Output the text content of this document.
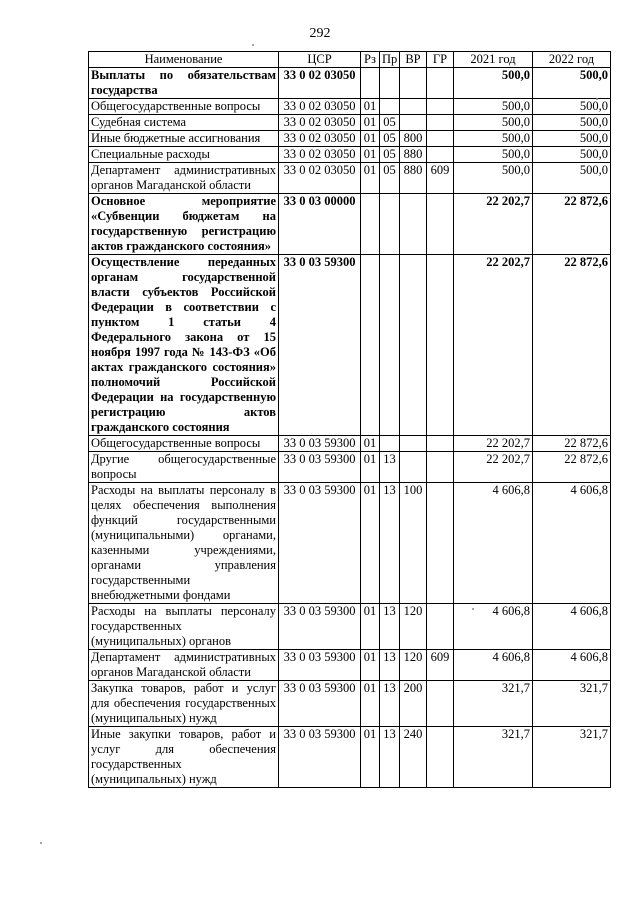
292
Наименование	ЦСР	Рз	Пр	ВР	ГР	2021 год	2022 год
Выплаты по обязательствам государства	33 0 02 03050					500,0	500,0
Общегосударственные вопросы	33 0 02 03050	01				500,0	500,0
Судебная система	33 0 02 03050	01	05			500,0	500,0
Иные бюджетные ассигнования	33 0 02 03050	01	05	800		500,0	500,0
Специальные расходы	33 0 02 03050	01	05	880		500,0	500,0
Департамент административных органов Магаданской области	33 0 02 03050	01	05	880	609	500,0	500,0
Основное мероприятие «Субвенции бюджетам на государственную регистрацию актов гражданского состояния»	33 0 03 00000					22 202,7	22 872,6
Осуществление переданных органам государственной власти субъектов Российской Федерации в соответствии с пунктом 1 статьи 4 Федерального закона от 15 ноября 1997 года № 143-ФЗ «Об актах гражданского состояния» полномочий Российской Федерации на государственную регистрацию актов гражданского состояния	33 0 03 59300					22 202,7	22 872,6
Общегосударственные вопросы	33 0 03 59300	01				22 202,7	22 872,6
Другие общегосударственные вопросы	33 0 03 59300	01	13			22 202,7	22 872,6
Расходы на выплаты персоналу в целях обеспечения выполнения функций государственными (муниципальными) органами, казенными учреждениями, органами управления государственными внебюджетными фондами	33 0 03 59300	01	13	100		4 606,8	4 606,8
Расходы на выплаты персоналу государственных (муниципальных) органов	33 0 03 59300	01	13	120		4 606,8	4 606,8
Департамент административных органов Магаданской области	33 0 03 59300	01	13	120	609	4 606,8	4 606,8
Закупка товаров, работ и услуг для обеспечения государственных (муниципальных) нужд	33 0 03 59300	01	13	200		321,7	321,7
Иные закупки товаров, работ и услуг для обеспечения государственных (муниципальных) нужд	33 0 03 59300	01	13	240		321,7	321,7
